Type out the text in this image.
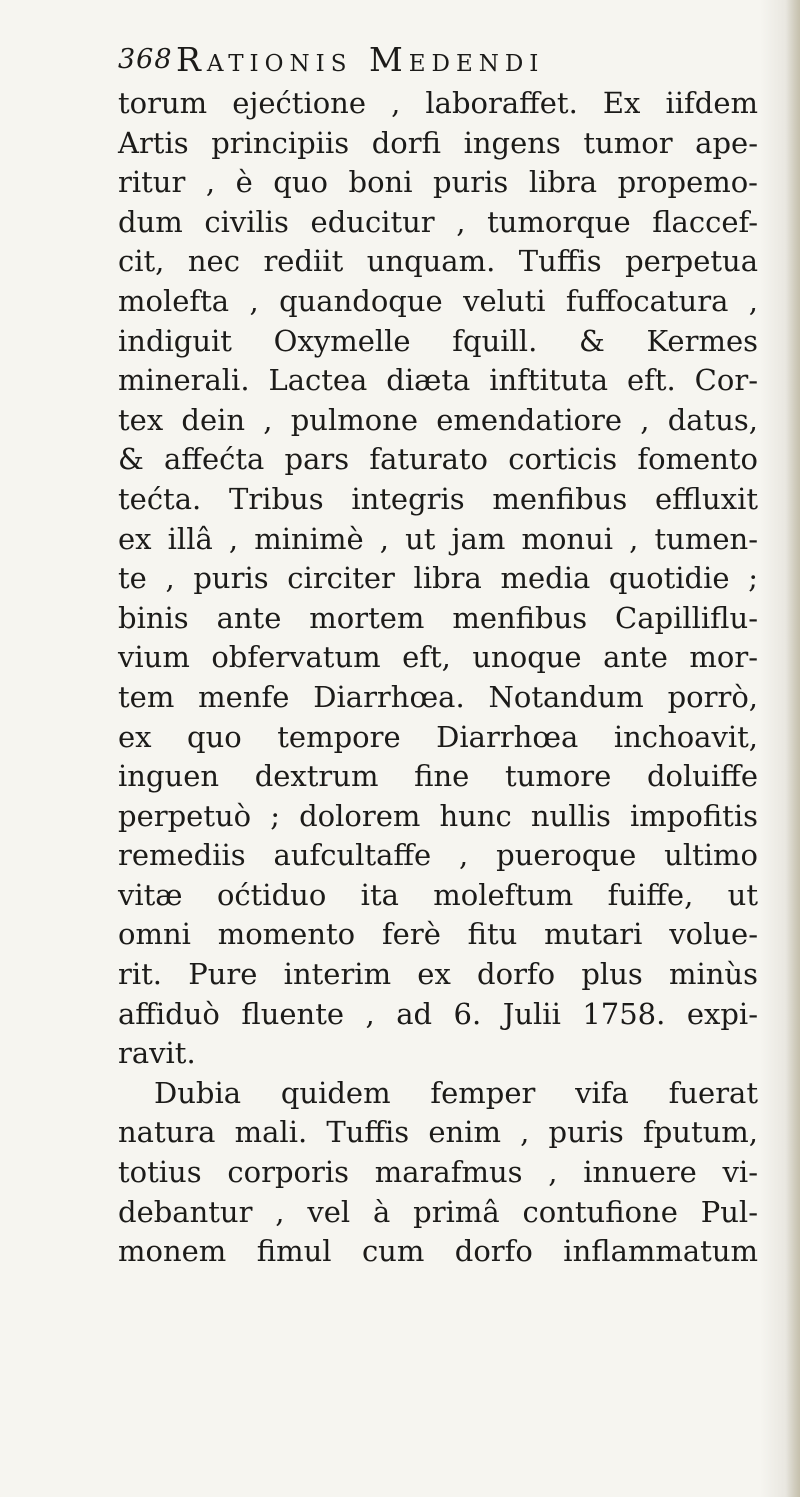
368 Rationis Medendi
torum ejećtione , laboraffet. Ex iifdem
Artis principiis dorfi ingens tumor ape-
ritur , è quo boni puris libra propemo-
dum civilis educitur , tumorque flaccef-
cit, nec rediit unquam. Tuffis perpetua
molefta , quandoque veluti fuffocatura ,
indiguit Oxymelle fquill. & Kermes
minerali. Lactea diæta inftituta eft. Cor-
tex dein , pulmone emendatiore , datus,
& affećta pars faturato corticis fomento
tećta. Tribus integris menfibus effluxit
ex illâ , minimè , ut jam monui , tumen-
te , puris circiter libra media quotidie ;
binis ante mortem menfibus Capilliflu-
vium obfervatum eft, unoque ante mor-
tem menfe Diarrhœa. Notandum porrò,
ex quo tempore Diarrhœa inchoavit,
inguen dextrum fine tumore doluiffe
perpetuò ; dolorem hunc nullis impofitis
remediis aufcultaffe , pueroque ultimo
vitæ oćtiduo ita moleftum fuiffe, ut
omni momento ferè fitu mutari volue-
rit. Pure interim ex dorfo plus minùs
affiduò fluente , ad 6. Julii 1758. expi-
ravit.
Dubia quidem femper vifa fuerat
natura mali. Tuffis enim , puris fputum,
totius corporis marafmus , innuere vi-
debantur , vel à primâ contufione Pul-
monem fimul cum dorfo inflammatum
